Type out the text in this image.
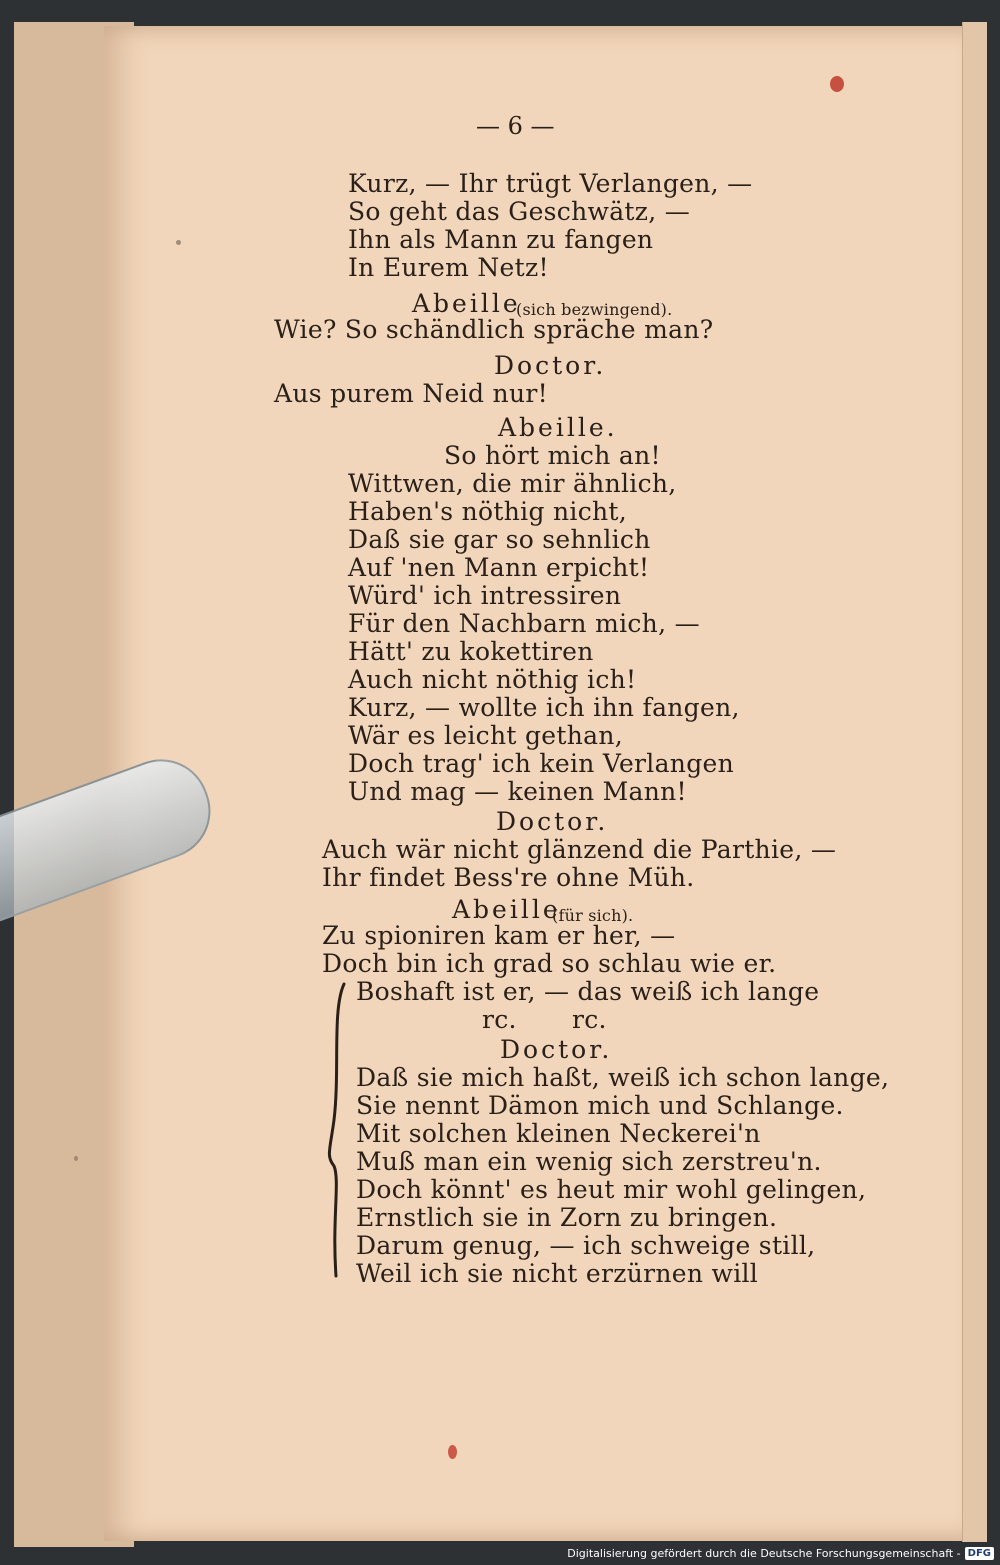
— 6 —
Kurz, — Ihr trügt Verlangen, —
So geht das Geschwätz, —
Ihn als Mann zu fangen
In Eurem Netz!
Abeille
(sich bezwingend).
Wie? So schändlich spräche man?
Doctor.
Aus purem Neid nur!
Abeille.
So hört mich an!
Wittwen, die mir ähnlich,
Haben's nöthig nicht,
Daß sie gar so sehnlich
Auf 'nen Mann erpicht!
Würd' ich intressiren
Für den Nachbarn mich, —
Hätt' zu kokettiren
Auch nicht nöthig ich!
Kurz, — wollte ich ihn fangen,
Wär es leicht gethan,
Doch trag' ich kein Verlangen
Und mag — keinen Mann!
Doctor.
Auch wär nicht glänzend die Parthie, —
Ihr findet Bess're ohne Müh.
Abeille
(für sich).
Zu spioniren kam er her, —
Doch bin ich grad so schlau wie er.
Boshaft ist er, — das weiß ich lange
rc. rc.
Doctor.
Daß sie mich haßt, weiß ich schon lange,
Sie nennt Dämon mich und Schlange.
Mit solchen kleinen Neckerei'n
Muß man ein wenig sich zerstreu'n.
Doch könnt' es heut mir wohl gelingen,
Ernstlich sie in Zorn zu bringen.
Darum genug, — ich schweige still,
Weil ich sie nicht erzürnen will
Digitalisierung gefördert durch die Deutsche Forschungsgemeinschaft - DFG
